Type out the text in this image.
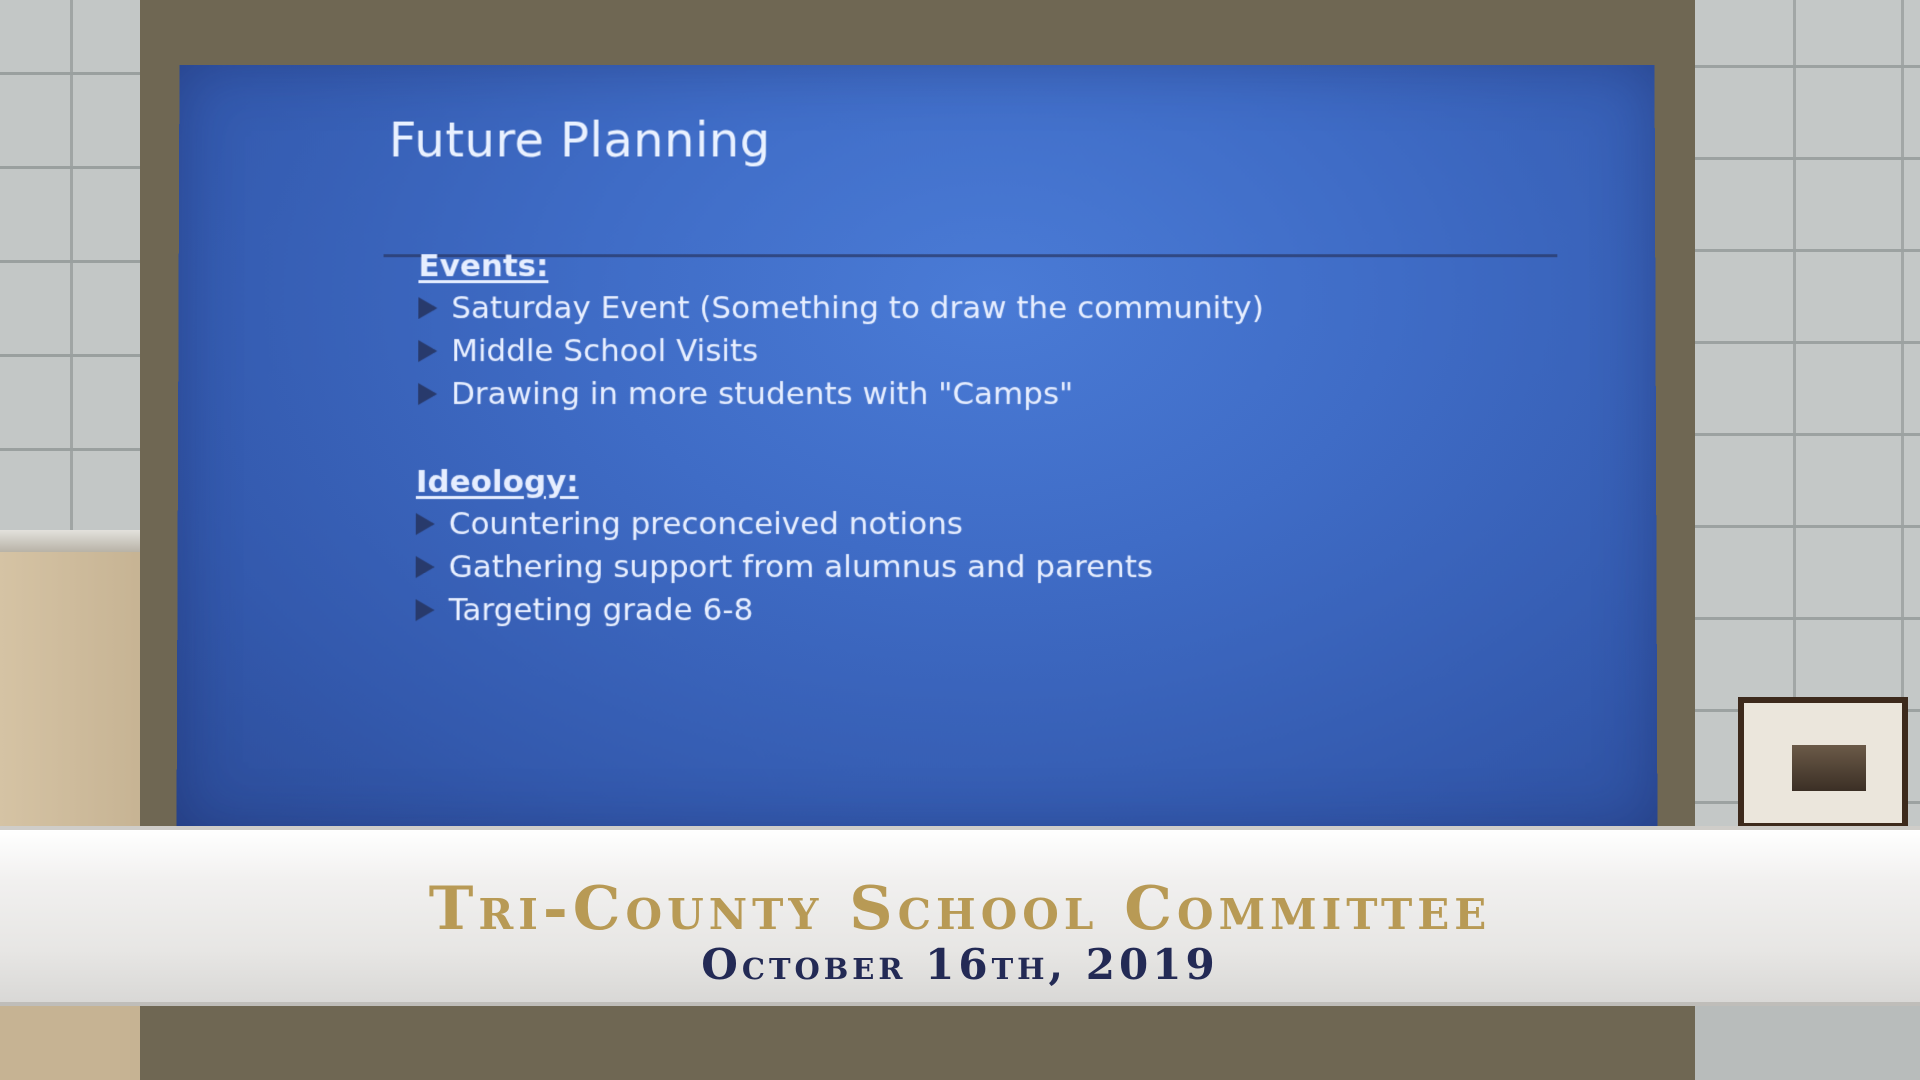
Future Planning
Events:
Saturday Event (Something to draw the community)
Middle School Visits
Drawing in more students with "Camps"
Ideology:
Countering preconceived notions
Gathering support from alumnus and parents
Targeting grade 6-8
Tri-County School Committee
October 16th, 2019
